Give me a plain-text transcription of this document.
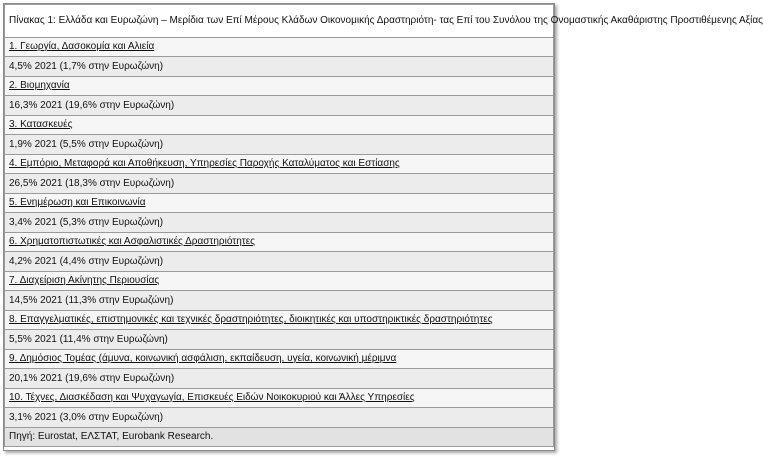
Πίνακας 1: Ελλάδα και Ευρωζώνη – Μερίδια των Επί Μέρους Κλάδων Οικονομικής Δραστηριότη- τας Επί του Συνόλου της Ονομαστικής Ακαθάριστης Προστιθέμενης Αξίας
1. Γεωργία, Δασοκομία και Αλιεία
4,5% 2021 (1,7% στην Ευρωζώνη)
2. Βιομηχανία
16,3% 2021 (19,6% στην Ευρωζώνη)
3. Κατασκευές
1,9% 2021 (5,5% στην Ευρωζώνη)
4. Εμπόριο, Μεταφορά και Αποθήκευση, Υπηρεσίες Παροχής Καταλύματος και Εστίασης
26,5% 2021 (18,3% στην Ευρωζώνη)
5. Ενημέρωση και Επικοινωνία
3,4% 2021 (5,3% στην Ευρωζώνη)
6. Χρηματοπιστωτικές και Ασφαλιστικές Δραστηριότητες
4,2% 2021 (4,4% στην Ευρωζώνη)
7. Διαχείριση Ακίνητης Περιουσίας
14,5% 2021 (11,3% στην Ευρωζώνη)
8. Επαγγελματικές, επιστημονικές και τεχνικές δραστηριότητες, διοικητικές και υποστηρικτικές δραστηριότητες
5,5% 2021 (11,4% στην Ευρωζώνη)
9. Δημόσιος Τομέας (άμυνα, κοινωνική ασφάλιση, εκπαίδευση, υγεία, κοινωνική μέριμνα
20,1% 2021 (19,6% στην Ευρωζώνη)
10. Τέχνες, Διασκέδαση και Ψυχαγωγία, Επισκευές Ειδών Νοικοκυριού και Άλλες Υπηρεσίες
3,1% 2021 (3,0% στην Ευρωζώνη)
Πηγή: Eurostat, ΕΛΣΤΑΤ, Eurobank Research.
